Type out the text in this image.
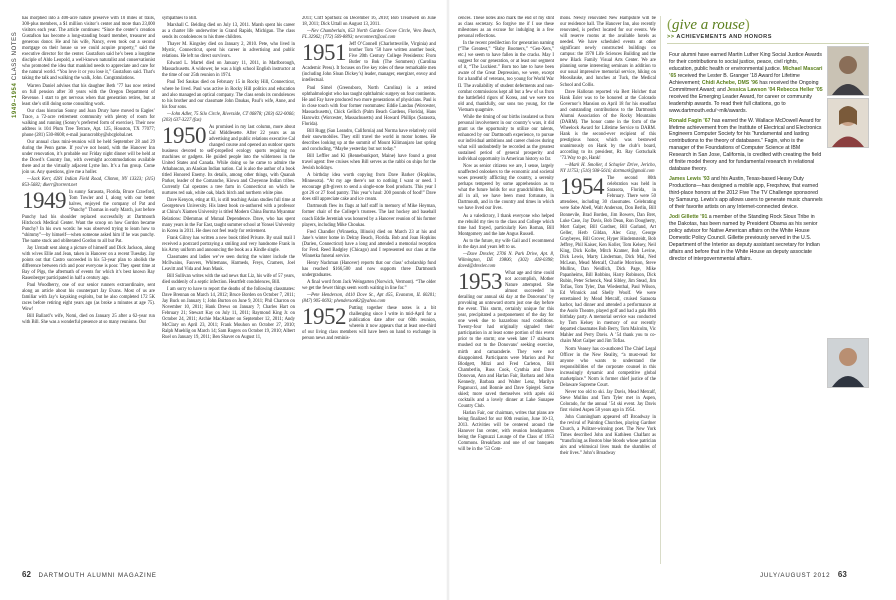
1949–1954 CLASS NOTES

has morphed into a 400-acre nature preserve with 10 miles of trails, 300-plus members, a $1 million visitor’s center and more than 23,000 visitors each year. The article continues: “Since the center’s creation Gustafson has become a long-standing board member, treasurer and generous donor. He and his wife, Nancy, even took out a second mortgage on their house so we could acquire property,” said the executive director for the center. Gustafson said he’s been a longtime disciple of Aldo Leopold, a well-known naturalist and conservationist who promoted the idea that mankind needs to appreciate and care for the natural world. “You love it or you lose it,” Gustafson said. That’s taking the talk and walking the walk, John. Congratulations.

Warren Daniel advises that his daughter Beth ’77 has now retired on full pension after 30 years with the Oregon Department of Revenue. I start to get nervous when that generation retires, but at least she’s still doing some consulting work.

Our class historian Sonny and Joan Drury have moved to Eagles’ Trace, a 72-acre retirement community with plenty of room for walking and running (Sonny’s preferred form of exercise). Their new address is 104 Plum Tree Terrace, Apt. 125, Houston, TX 77077; phone (281) 530-8608; e-mail joanncrobby@sbcglobal.net.

Our annual class mini-reunion will be held September 28 and 29 during the Penn game. If you’ve not heard, with the Hanover Inn under renovation, it’s probable our Friday night dinner will be held at the Dowd’s Country Inn, with overnight accommodations available there and at the virtually adjacent Lyme Inn. It’s a fun group. Come join us. Any questions, give me a holler.

—Jack Kerr, 4281 Indian Field Road, Clinton, NY 13323; (315) 853-5682; dkerr@torrent.net

1949 In sunny Sarasota, Florida, Bruce Crawford, Tom Towler and I, along with our better halves, enjoyed the company of Pat and “Punchy” Thomas in early March, just before Punchy had his shoulder replaced successfully at Dartmouth Hitchcock Medical Center. Want the scoop on how Gordon became Punchy? In his own words: he was observed trying to learn how to “shimmy”—by himself—when someone asked him if he was punchy. The name stuck and obliterated Gordon to all but Pat.

Jay Urstadt sent along a picture of himself and Dick Jackson, along with wives Ellie and Jean, taken in Hanover on a recent Tuesday. Jay points out that Castro succeeded in his 53-year plan to abolish the difference between rich and poor everyone is poor. They spent time at Bay of Pigs, the aftermath of events for which it’s best known Ray Rasenberger participated in half a century ago.

Paul Woodberry, one of our senior runners extraordinaire, sent along an article about his counterpart Jay Evans. Most of us are familiar with Jay’s kayaking exploits, but he also completed 172 5K races before retiring eight years ago (as broke a minutes at age 75). Wow!

Bill Ballard’s wife, Nomi, died on January 25 after a 62-year run with Bill. She was a wonderful presence at so many reunions. Our

sympathies to Bill.

Marshall C. Belding died on July 13, 2011. Marsh spent his career as a charter life underwriter in Grand Rapids, Michigan. The class sends its condolences to his three children.

Thayer M. Kingsley died on January 2, 2010. Pete, who lived in Mystic, Connecticut, spent his career in advertising and public relations. He left no direct survivors.

Edward L. Martel died on January 11, 2011, in Marlborough, Massachusetts. A widower, he was a high school English instructor at the time of our 25th reunion in 1974.

Paul Ted Saukas died on February 15 in Rocky Hill, Connecticut, where he lived. Paul was active in Rocky Hill politics and education and also managed an optical company. The class sends its condolences to his brother and our classmate John Daukas, Paul’s wife, Anne, and his four sons.

—John Adler, 75 Silo Circle, Riverside, CT 06878; (203) 622-0066; (203) 637-3227 (fax)

1950 As promised in my last column, more about Cal Middlesette. After 22 years as an advertising and public relations executive Cal changed course and opened an outdoor sports business devoted to self-propelled ecology sports requiring no machines or gadgets. He guided people into the wilderness in the United States and Canada. While doing so he came to admire the Athabascan, an Alaskan Indian nation. Cal is also the author of a book titled Honored Enemy. Its details, among other things, with Quanah Parker, leader of the Comanche, Kiowa and Cheyenne Indian tribes. Currently Cal operates a tree farm in Connecticut on which he nurtures red oak, white oak, black birch and northern white pine.

Dave Kenyon, eting at 83, is still teaching Asian studies full time at Georgetown University. His latest book co-authored with a professor at China’s Xiamen University is titled Modern China Burma Myanmar Relations: Dilemmas of Mutual Dependence. Dave, who has spent many years in the Far East, taught summer school at Yonsei University in Korea in 2011. He does not feel ready for retirement.

Frank Gilroy has written a new book titled Private. By snail mail I received a postcard portraying a smiling and very handsome Frank in his Army uniform and announcing the book as a Kindle single.

Classmates and ladies we’ve seen during the winter include the McIlwains, Fauvers, Whitemans, Harmeds, Freys, Cramers, Joel Leavitt and Vida and Jean Mauk.

Bill Sullivan writes with the sad news that Liz, his wife of 57 years, died suddenly of a septic infection. Heartfelt condolences, Bill.

I am sorry to have to report the deaths of the following classmates: Dave Brennan on March 14, 2012; Bruce Borden on October 7, 2011; Jay Buck on January 1; John Burton on June 9, 2011; Phil Charron on November 10, 2011; Hank Drews on January 7; Charles Hart on February 21; Stewart Kay on July 11, 2011; Raymond King Jr. on October 24, 2011; Archie MacAlaster on September 12, 2011; Andy McClary on April 23, 2011; Frank Mouhon on October 27, 2010; Ralph Muehlig on March 14; Sam Rogers on October 19, 2010; Albert Ruel on January 19, 2011; Ben Shaver on August 11,

2011; Cliff Spofholz on December 16, 2010; Bob Treadwell on June 18, 2011; Dick Uttall on August 13, 2011.

—Nev Chamberlain, 653 North Garden Grove Circle, Vero Beach, FL 32962; (772) 569-8893; nevconnect@aol.com

1951 Jeff O’Connell (Charlottesville, Virginia) and brother Tom ’50 have written another book, Five 20th Century College Presidents: From Butler to Bok (The Sommers) (Carolina Academic Press). It focuses on five key roles of these remarkable men (including John Sloan Dickey’s) leader, manager, energizer, envoy and intellectual.

Paul Simel (Greensboro, North Carolina) is a retired ophthalmologist who has taught ophthalmic surgery on four continents. He and Fay have produced two more generations of physicians. Paul is in close touch with four former roommates: Eddie Landau (Worcester, Massachusetts), Chick Gellich (Palm Beach Gardens, Florida), Hans Harowitz (Worcester, Massachusetts) and Howard Phillips (Sarasota, Florida).

Bill Rugg (San Leandro, California) and Norma have relatively cold their snowmobiles. They still travel the world in motor homes. He describes looking up at the summit of Mount Kilimanjaro last spring and concluding, “Maybe yesterday but not today.”

Bill Leffler and Ki (Rennebunkport, Maine) have found a great travel agent: free cruises when Bill serves as the rabbi on ships for the Jewish holidays.

A birthday idea worth copying from Dave Barker (Hopkins, Minnesota). “At my age there’s not to nothing I want or need. I encourage gift-givers to send a single-note food products. This year I got 26 or 27 food pantry. This year’s haul: 200 pounds of food!” Dave does still appreciate cake and ice cream.

Dartmouth flew its flags at half staff in memory of Mike Heyman, former chair of the College’s trustees. The last hockey and baseball coach Eddie Jeremiah was honored by a Hanover reunion of his former players, including Mike Choukas.

Fred Chandler (Winnetka, Illinois) died on March 23 at his and Jane’s winter home in Delray Beach, Florida. Bob and Joan Hopkins (Darien, Connecticut) have a long and attended a memorial reception for Fred. Reed Badgley (Chicago) and I represented our class at the Winnetka funeral service.

Henry Nachman (Hanover) reports that our class’ scholarship fund has reached $166,500 and now supports three Dartmouth undergraduates.

A final word from Jack Weingarten (Norwich, Vermont). “The older we get the fewer things seem worth waiting in line for.”

—Pete Henderson, 4410 Dove St., Apt 455, Evanston, IL 60201; (847) 905-0693; phenderson82@yahoo.com

1952 Putting together these notes is a bit challenging since I write in mid-April for a publication date after our 60th reunion, wherein it now appears that at least one-third of our living class members will have been on hand to exchange in person news and reminis-

62 DARTMOUTH ALUMNI MAGAZINE

cences. These notes also mark the end of my stint as class secretary. So forgive me if I use these milestones as an excuse for indulging in a few personal reflections.

In the recent predilection for generation naming (“The Greatest,” “Baby Boomers,” “Gen-Xers,” etc.) we seem to have fallen in the cracks. May I suggest for our generation, or at least our segment of it, “The Luckiest.” Born too late to have been aware of the Great Depression, we were, except for a handful of veterans, too young for World War II. The availability of student deferments and non-combat commissions kept all but a few of us from the battlefield rigors of Korea, and we were too old and, thankfully, our sons too young, for the Vietnam quagmire.

While the timing of our births insulated us from personal involvement in our country’s wars, it did grant us the opportunity to utilize our talents, enhanced by our Dartmouth experience, to pursue our individual ambitions and career choices during what will undoubtedly be recorded as the greatest sustained period of general prosperity and individual opportunity in American history so far.

Now as senior citizens we are, I sense, largely unaffected onlookers to the economic and societal woes presently afflicting the country, a serenity perhaps tempered by some apprehension as to what the future holds for our grandchildren. But, all in all, we have been most fortunate, in Dartmouth, and in the country and times in which we have lived our lives.

As a valedictory, I thank everyone who helped me rebuild my ties to the class and College which time had frayed, particularly Ken Roman, Bill Montgomery and the late Angus Russell.

As to the future, my wife Gail and I recommend in the days and years left to us.

—Dave Drexler, 2706 N. Park Drive, Apt. 8, Wilmington, DE 19806; (302) 428-0398; daved@drexler.com

1953 What age and time could not accomplish, Mother Nature attempted. She almost succeeded in derailing our annual ski day at the Donovans’ by provoking an untoward storm just one day before the event. This storm, certainly unique for this year, precipitated a postponement of the day for one week due to hazardous road conditions. Twenty-four had originally signaled their participation in at least some portion of this event prior to the storm; one week later 17 stalwarts mushed out to the Donovans’ seeking exercise, mirth and camaraderie. They were not disappointed. Participants were Marion and Pur Blodgett, Mitzi and Fred Carleton, Bill Chamberlin, Russ Cook, Cynthia and Dave Donovan, Ann and Harlan Fair, Barbara and John Kennedy, Barbara and Walter Lenz, Marilyn Paganucci, and Bonnie and Dave Spiegel. Some skied; more saved themselves with après ski cocktails and a lovely dinner at Lake Sunapee Country Club.

Harlan Fair, our chairman, writes that plans are being finalized for our 60th reunion, June 10-13, 2013. Activities will be centered around the Hanover Inn center, with reunion headquarters being the Fagnuzzi Lounge of the Class of 1953 Commons. Breakfasts and one of our banquets will be in the ’53 Com-

mons. Newly renovated New Hampshire will be our residence hall. The Hanover Inn, also recently renovated, is perfect located for our events. We will reserve rooms at the available hotels as needed. We have scheduled events at other significant newly constructed buildings on campus: the 1978 Life Sciences Building and the new Black Family Visual Arts Center. We are planning some interesting seminars in addition to our usual impressive memorial service, hiking on Moosilauke, and lunches at Tuck, the Medical School and Collis.

Dave Halloran reported via Bert Holcher that Hank Esler was to be honored at the Colorado Governor’s Mansion on April 18 for his steadfast and outstanding contributions to the Dartmouth Alumni Association of the Rocky Mountains (DARM). The honor came in the form of the Wheelock Award for Lifetime Service to DARM. Hank is the second-ever recipient of this prestigious honor, which was bestowed unanimously on Hank by the club’s board, according to its president, Rt. Ray Gottschalk ’73.Way to go, Hank!

—Mark H. Smoller, 4 Schuyler Drive, Jericho, NY 11753; (516) 938-5616; dartmark@gmail.com

1954 The second 80th celebration was held in Sarasota, Florida, in February. There were 50 attendees, including 30 classmates. Celebrating were Sabe Abell, Walt Anderson, Don Berlin, Bill Bonnevile, Brad Borden, Jim Bowers, Dan Bret, Luke Case, Jay Davis, Bob Dean, Ron Dougherty, Mort Galper, Bill Gardner, Bill Garland, Art Geller, Herb Gildan, Alec Gray, George Graybeyes, Bill Grover, Hyper Hindemsteidt, Bob Jeffrey, Phil Kaiser, Ken Koller, Tom Kelsey, Neil King, Dick Kolbe, Mitch Kramer, Bob Levine, Dick Lewis, Marty Linderman, Dick Mai, Ned McLean, Mead Metcalf, Charlie Morrison, Steve Mullins, Dan Neidlich, Dick Page, Mike Papanheims, Bill Robbins, Harry Robinson, Dick Rubin, Peter Schenck, Neal Sibley, Jim Stead, Jim Tofias, Tom Tyler, Dan Wiedenthal, Paul Wilson, Ed Winnick and Shelly Woolf. We were entertained by Mead Metcalf, cruised Sarasota harbor, had dinner and attended a performance at the Asolo Theatre, played golf and had a gala 80th birthday party. A memorial service was conducted by Tom Kelsey in memory of our recently departed classmates Bob Berry, Tom Malcolm, Vic Mahler and Perry Davis. A ’54 thank you to co-chairs Mort Galper and Jim Tofias.

Norm Veasey has co-authored The Chief Legal Officer in the New Reality, “a must-read for anyone who wants to understand the responsibilities of the corporate counsel in this increasingly dynamic and competitive global marketplace.” Norm is former chief justice of the Delaware Supreme Court.

Never too old to ski. Jay Davis, Mead Metcalf, Steve Mullins and Tom Tyler met in Aspen, Colorado, for the annual ’54 ski event. Jay Davis first visited Aspen 58 years ago in 1954.

John Cunningham appeared off Broadway in the revival of Painting Churches, playing Gardner Church, a Pulitzer-winning poet. The New York Times described John and Kathleen Chalfant as “transfixing as Boston blue bloods whose patrician airs and whimsical lives mask the shambles of their lives.” John’s Broadway

(give a rouse)
>> ACHIEVEMENTS AND HONORS

Four alumni have earned Martin Luther King Social Justice Awards for their contributions to social justice, peace, civil rights, education, public health or environmental justice. Michael Mascari ’65 received the Lester B. Granger ’18 Award for Lifetime Achievement; Chidi Achebe, DMS ’96 has received the Ongoing Commitment Award; and Jessica Lawson ’04 Rebecca Heller ’05 received the Emerging Leader Award, for career or community leadership awards. To read their full citations, go to www.dartmouth.edu/~mlk/awards.

Ronald Fagin ’67 has earned the W. Wallace McDowell Award for lifetime achievement from the Institute of Electrical and Electronics Engineers Computer Society for his “fundamental and lasting contributions to the theory of databases.” Fagin, who is the manager of the Foundations of Computer Science at IBM Research in San Jose, California, is credited with creating the field of finite model theory and for fundamental research in relational database theory.

James Lewis ’93 and his Austin, Texas-based Heavy Duty Productions—has designed a mobile app, Freqshow, that earned third-place honors at the 2012 Five The TV Challenge sponsored by Samsung. Lewis’s app allows users to generate music channels of their favorite artists on any Internet-connected device.

Jodi Gillette ’91 a member of the Standing Rock Sioux Tribe in the Dakotas, has been named by President Obama as his senior policy advisor for Native American affairs on the White House Domestic Policy Council. Gillette previously served in the U.S. Department of the Interior as deputy assistant secretary for Indian affairs and before that in the White House as deputy associate director of intergovernmental affairs.

JULY/AUGUST 2012 63
